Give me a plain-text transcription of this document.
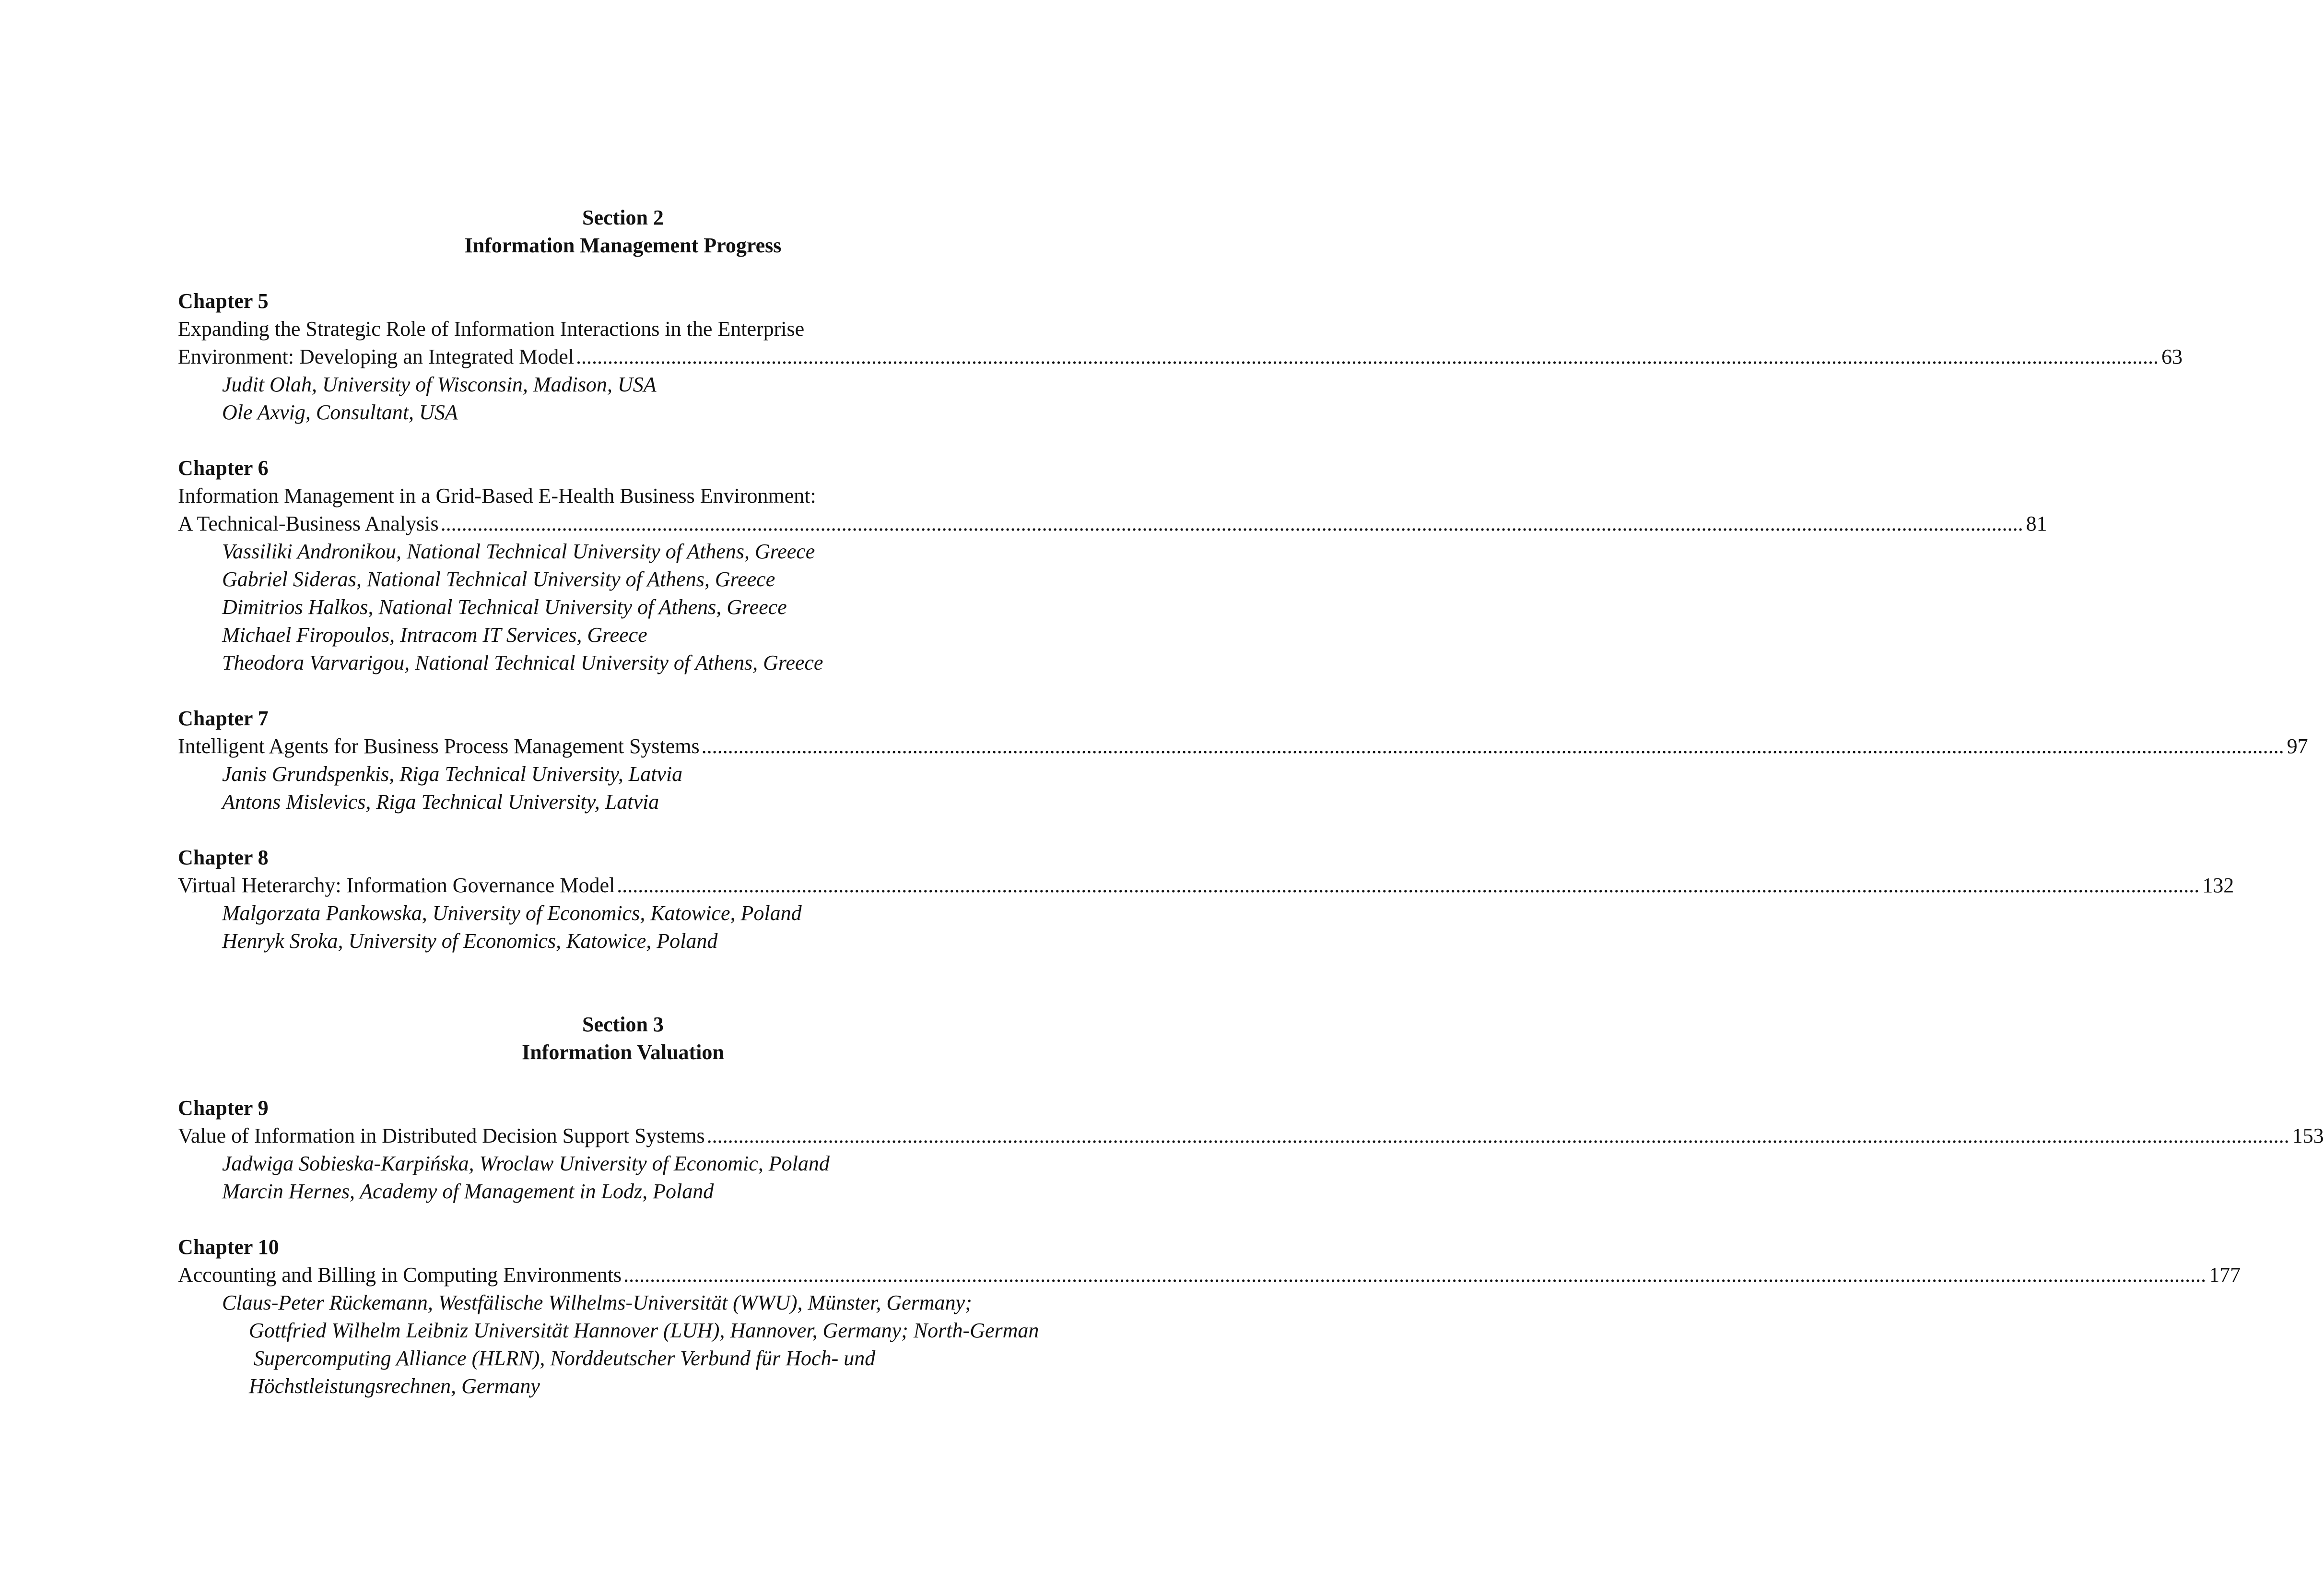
Section 2
Information Management Progress
Chapter 5
Expanding the Strategic Role of Information Interactions in the Enterprise
Environment: Developing an Integrated Model ............................................................................................................................................................................................................................................................................................................ 63
Judit Olah, University of Wisconsin, Madison, USA
Ole Axvig, Consultant, USA
Chapter 6
Information Management in a Grid-Based E-Health Business Environment:
A Technical-Business Analysis ............................................................................................................................................................................................................................................................................................................ 81
Vassiliki Andronikou, National Technical University of Athens, Greece
Gabriel Sideras, National Technical University of Athens, Greece
Dimitrios Halkos, National Technical University of Athens, Greece
Michael Firopoulos, Intracom IT Services, Greece
Theodora Varvarigou, National Technical University of Athens, Greece
Chapter 7
Intelligent Agents for Business Process Management Systems ............................................................................................................................................................................................................................................................................................................ 97
Janis Grundspenkis, Riga Technical University, Latvia
Antons Mislevics, Riga Technical University, Latvia
Chapter 8
Virtual Heterarchy: Information Governance Model ............................................................................................................................................................................................................................................................................................................ 132
Malgorzata Pankowska, University of Economics, Katowice, Poland
Henryk Sroka, University of Economics, Katowice, Poland
Section 3
Information Valuation
Chapter 9
Value of Information in Distributed Decision Support Systems ............................................................................................................................................................................................................................................................................................................ 153
Jadwiga Sobieska-Karpińska, Wroclaw University of Economic, Poland
Marcin Hernes, Academy of Management in Lodz, Poland
Chapter 10
Accounting and Billing in Computing Environments ............................................................................................................................................................................................................................................................................................................ 177
Claus-Peter Rückemann, Westfälische Wilhelms-Universität (WWU), Münster, Germany;
Gottfried Wilhelm Leibniz Universität Hannover (LUH), Hannover, Germany; North-German
Supercomputing Alliance (HLRN), Norddeutscher Verbund für Hoch- und
Höchstleistungsrechnen, Germany
